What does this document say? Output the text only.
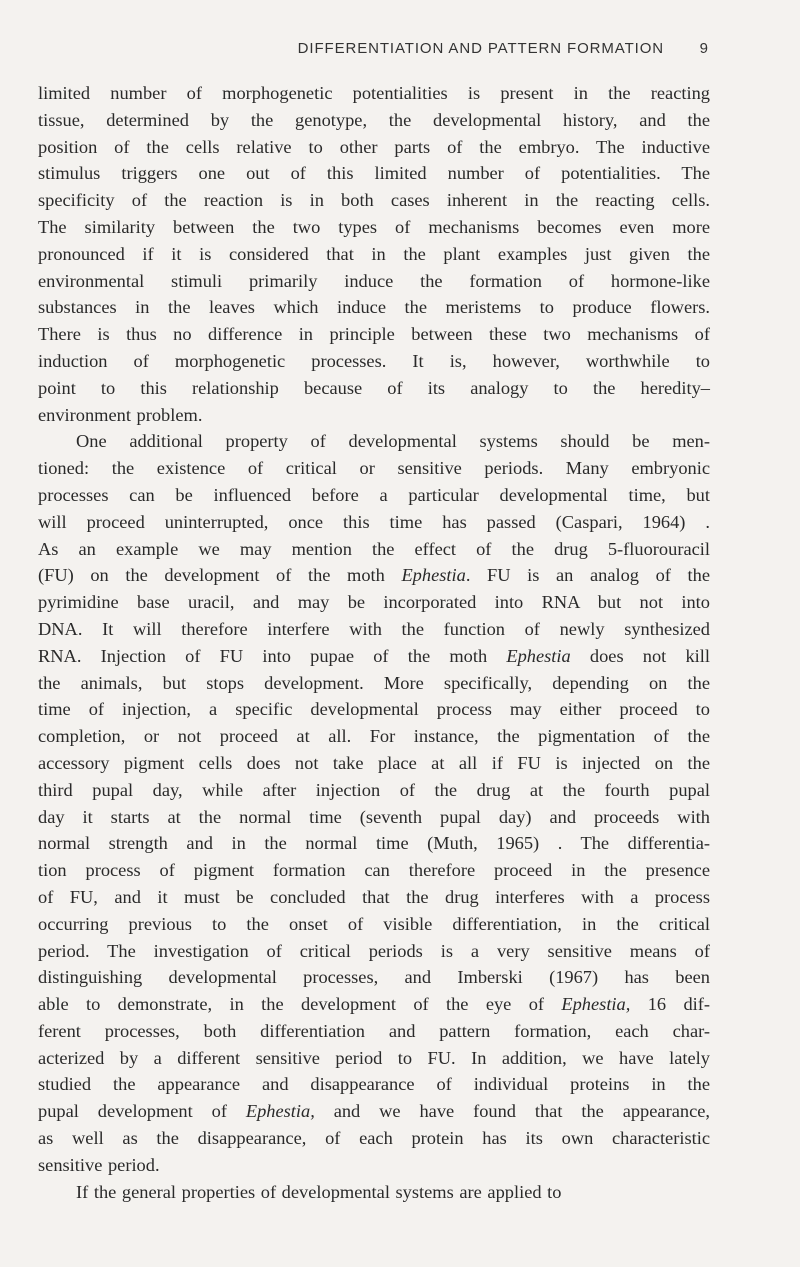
DIFFERENTIATION AND PATTERN FORMATION 9
limited number of morphogenetic potentialities is present in the reacting
tissue, determined by the genotype, the developmental history, and the
position of the cells relative to other parts of the embryo. The inductive
stimulus triggers one out of this limited number of potentialities. The
specificity of the reaction is in both cases inherent in the reacting cells.
The similarity between the two types of mechanisms becomes even more
pronounced if it is considered that in the plant examples just given the
environmental stimuli primarily induce the formation of hormone-like
substances in the leaves which induce the meristems to produce flowers.
There is thus no difference in principle between these two mechanisms of
induction of morphogenetic processes. It is, however, worthwhile to
point to this relationship because of its analogy to the heredity–
environment problem.
One additional property of developmental systems should be men-
tioned: the existence of critical or sensitive periods. Many embryonic
processes can be influenced before a particular developmental time, but
will proceed uninterrupted, once this time has passed (Caspari, 1964) .
As an example we may mention the effect of the drug 5-fluorouracil
(FU) on the development of the moth Ephestia. FU is an analog of the
pyrimidine base uracil, and may be incorporated into RNA but not into
DNA. It will therefore interfere with the function of newly synthesized
RNA. Injection of FU into pupae of the moth Ephestia does not kill
the animals, but stops development. More specifically, depending on the
time of injection, a specific developmental process may either proceed to
completion, or not proceed at all. For instance, the pigmentation of the
accessory pigment cells does not take place at all if FU is injected on the
third pupal day, while after injection of the drug at the fourth pupal
day it starts at the normal time (seventh pupal day) and proceeds with
normal strength and in the normal time (Muth, 1965) . The differentia-
tion process of pigment formation can therefore proceed in the presence
of FU, and it must be concluded that the drug interferes with a process
occurring previous to the onset of visible differentiation, in the critical
period. The investigation of critical periods is a very sensitive means of
distinguishing developmental processes, and Imberski (1967) has been
able to demonstrate, in the development of the eye of Ephestia, 16 dif-
ferent processes, both differentiation and pattern formation, each char-
acterized by a different sensitive period to FU. In addition, we have lately
studied the appearance and disappearance of individual proteins in the
pupal development of Ephestia, and we have found that the appearance,
as well as the disappearance, of each protein has its own characteristic
sensitive period.
If the general properties of developmental systems are applied to
